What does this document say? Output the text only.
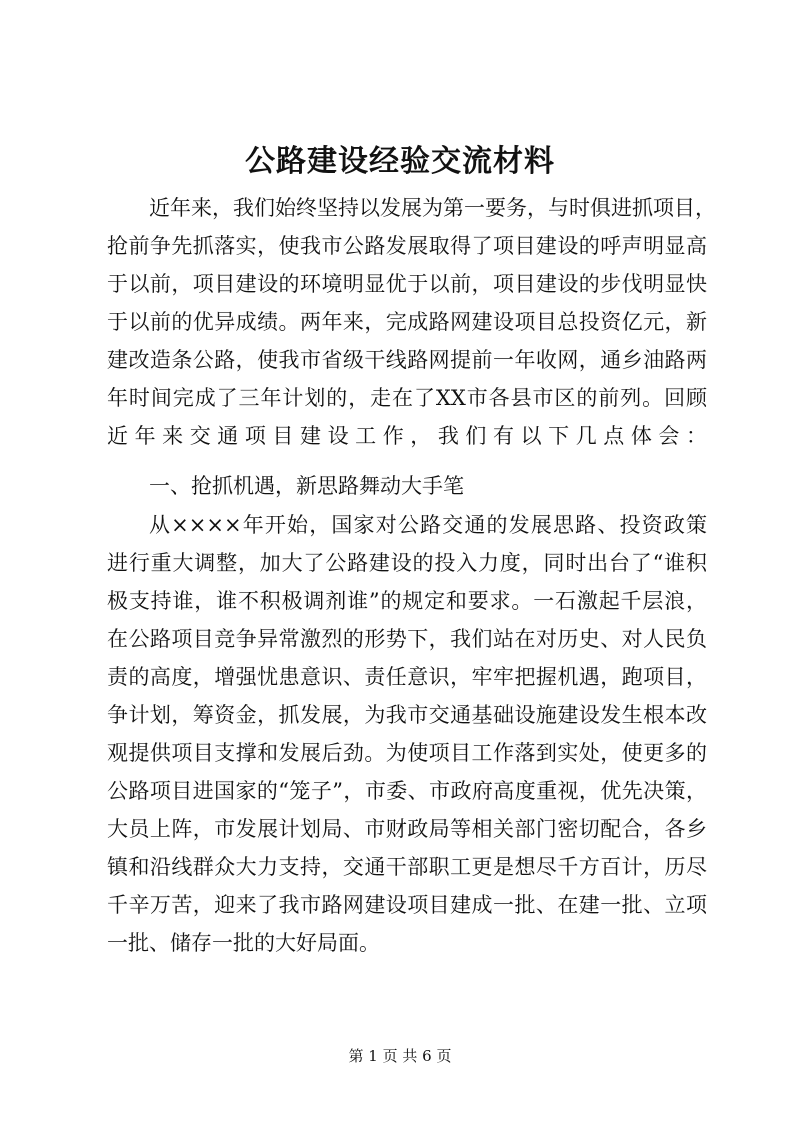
公路建设经验交流材料
近年来，我们始终坚持以发展为第一要务，与时俱进抓项目，
抢前争先抓落实，使我市公路发展取得了项目建设的呼声明显高
于以前，项目建设的环境明显优于以前，项目建设的步伐明显快
于以前的优异成绩。两年来，完成路网建设项目总投资亿元，新
建改造条公路，使我市省级干线路网提前一年收网，通乡油路两
年时间完成了三年计划的，走在了XX市各县市区的前列。回顾
近年来交通项目建设工作，我们有以下几点体会：
一、抢抓机遇，新思路舞动大手笔
从××××年开始，国家对公路交通的发展思路、投资政策
进行重大调整，加大了公路建设的投入力度，同时出台了“谁积
极支持谁，谁不积极调剂谁”的规定和要求。一石激起千层浪，
在公路项目竞争异常激烈的形势下，我们站在对历史、对人民负
责的高度，增强忧患意识、责任意识，牢牢把握机遇，跑项目，
争计划，筹资金，抓发展，为我市交通基础设施建设发生根本改
观提供项目支撑和发展后劲。为使项目工作落到实处，使更多的
公路项目进国家的“笼子”，市委、市政府高度重视，优先决策，
大员上阵，市发展计划局、市财政局等相关部门密切配合，各乡
镇和沿线群众大力支持，交通干部职工更是想尽千方百计，历尽
千辛万苦，迎来了我市路网建设项目建成一批、在建一批、立项
一批、储存一批的大好局面。
第 1 页 共 6 页
